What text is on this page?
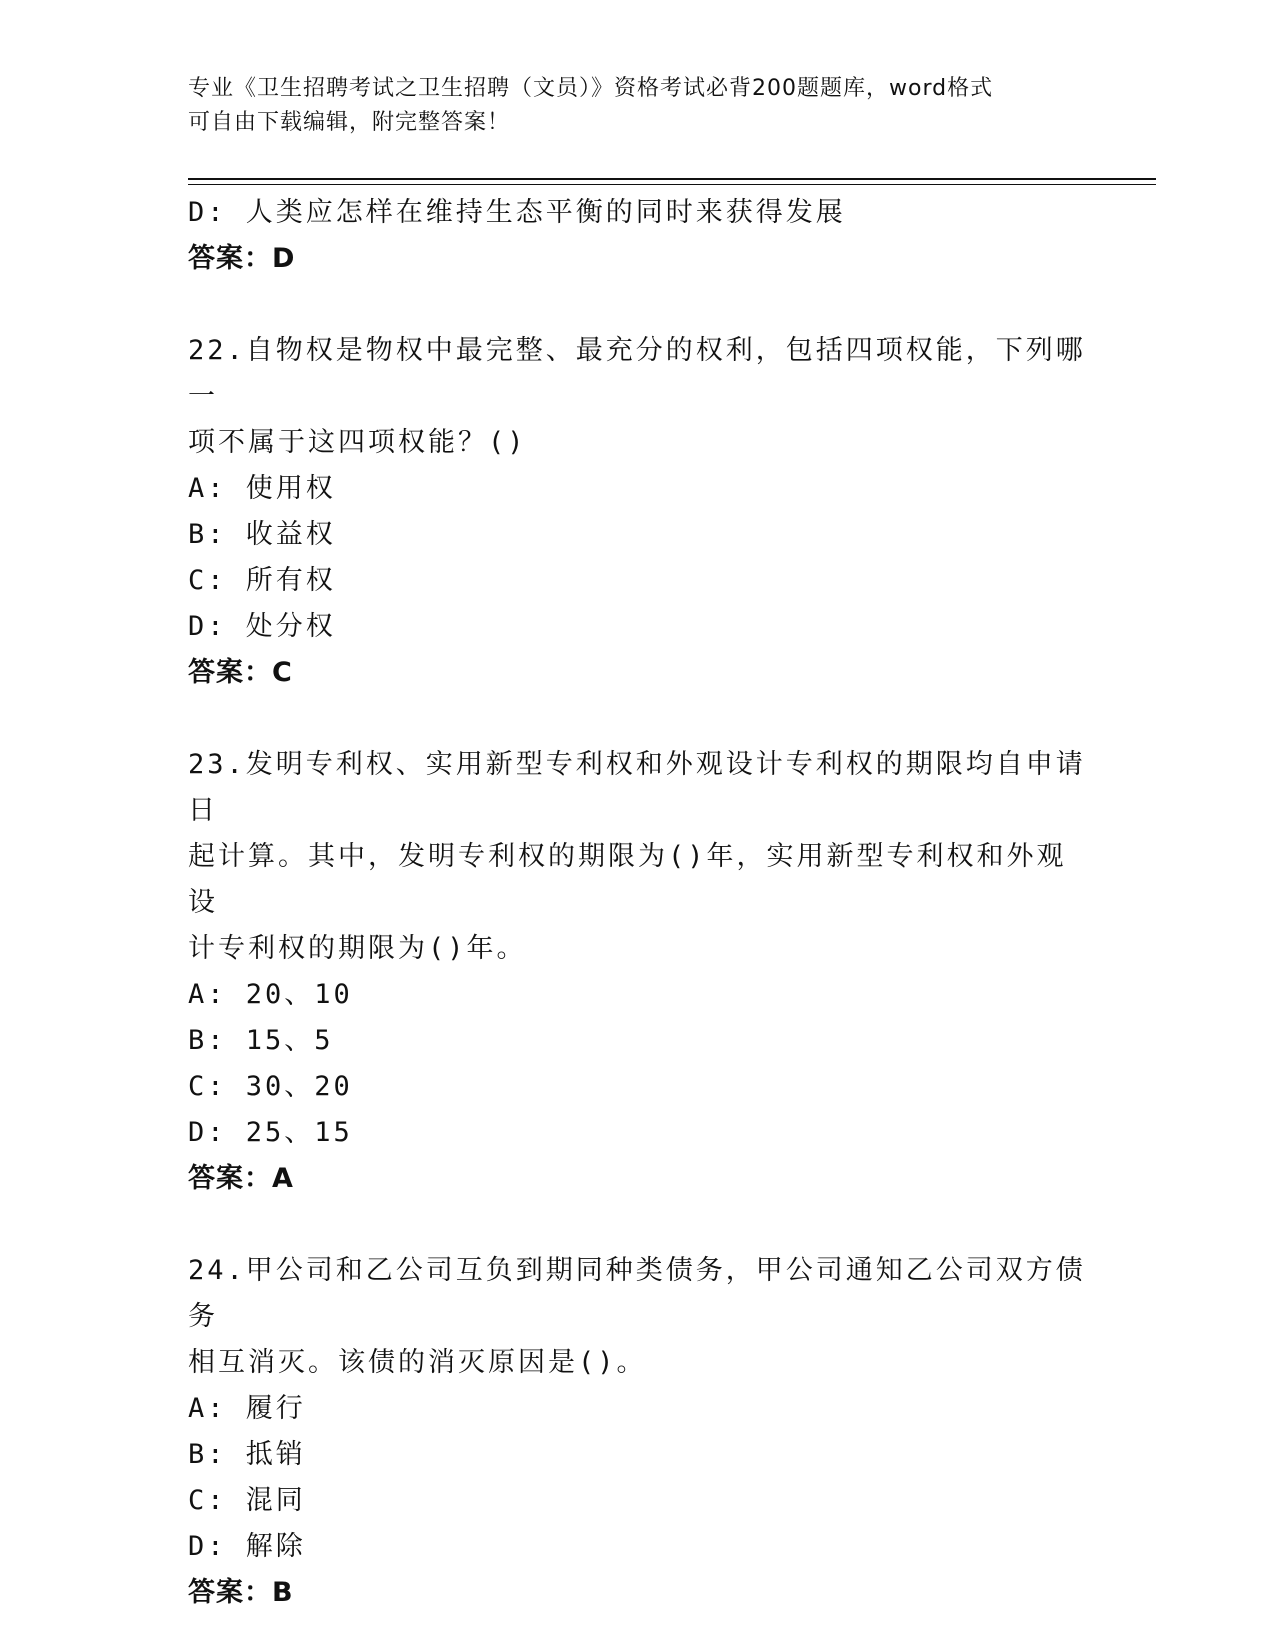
专业《卫生招聘考试之卫生招聘（文员）》资格考试必背200题题库，word格式
可自由下载编辑，附完整答案！
D: 人类应怎样在维持生态平衡的同时来获得发展
答案：D
22.自物权是物权中最完整、最充分的权利，包括四项权能，下列哪一
项不属于这四项权能？()
A: 使用权
B: 收益权
C: 所有权
D: 处分权
答案：C
23.发明专利权、实用新型专利权和外观设计专利权的期限均自申请日
起计算。其中，发明专利权的期限为()年，实用新型专利权和外观设
计专利权的期限为()年。
A: 20、10
B: 15、5
C: 30、20
D: 25、15
答案：A
24.甲公司和乙公司互负到期同种类债务，甲公司通知乙公司双方债务
相互消灭。该债的消灭原因是()。
A: 履行
B: 抵销
C: 混同
D: 解除
答案：B
